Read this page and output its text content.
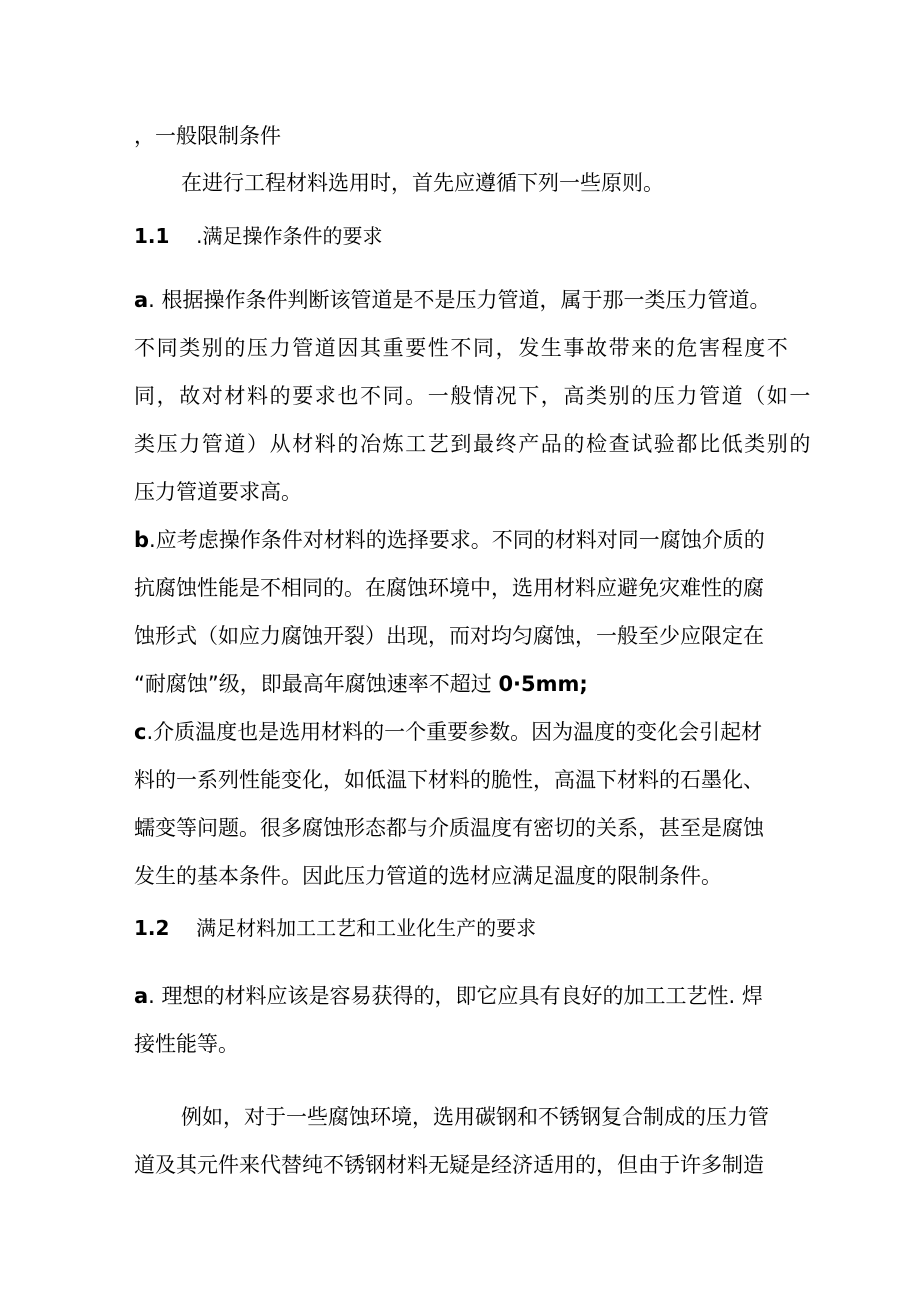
，一般限制条件

在进行工程材料选用时，首先应遵循下列一些原则。

1.1 .满足操作条件的要求

a. 根据操作条件判断该管道是不是压力管道，属于那一类压力管道。

不同类别的压力管道因其重要性不同，发生事故带来的危害程度不

同，故对材料的要求也不同。一般情况下，高类别的压力管道（如一

类压力管道）从材料的冶炼工艺到最终产品的检查试验都比低类别的

压力管道要求高。

b.应考虑操作条件对材料的选择要求。不同的材料对同一腐蚀介质的

抗腐蚀性能是不相同的。在腐蚀环境中，选用材料应避免灾难性的腐

蚀形式（如应力腐蚀开裂）出现，而对均匀腐蚀，一般至少应限定在

“耐腐蚀”级，即最高年腐蚀速率不超过 0·5mm;

c.介质温度也是选用材料的一个重要参数。因为温度的变化会引起材

料的一系列性能变化，如低温下材料的脆性，高温下材料的石墨化、

蠕变等问题。很多腐蚀形态都与介质温度有密切的关系，甚至是腐蚀

发生的基本条件。因此压力管道的选材应满足温度的限制条件。

1.2 满足材料加工工艺和工业化生产的要求

a. 理想的材料应该是容易获得的，即它应具有良好的加工工艺性. 焊

接性能等。

例如，对于一些腐蚀环境，选用碳钢和不锈钢复合制成的压力管

道及其元件来代替纯不锈钢材料无疑是经济适用的，但由于许多制造
